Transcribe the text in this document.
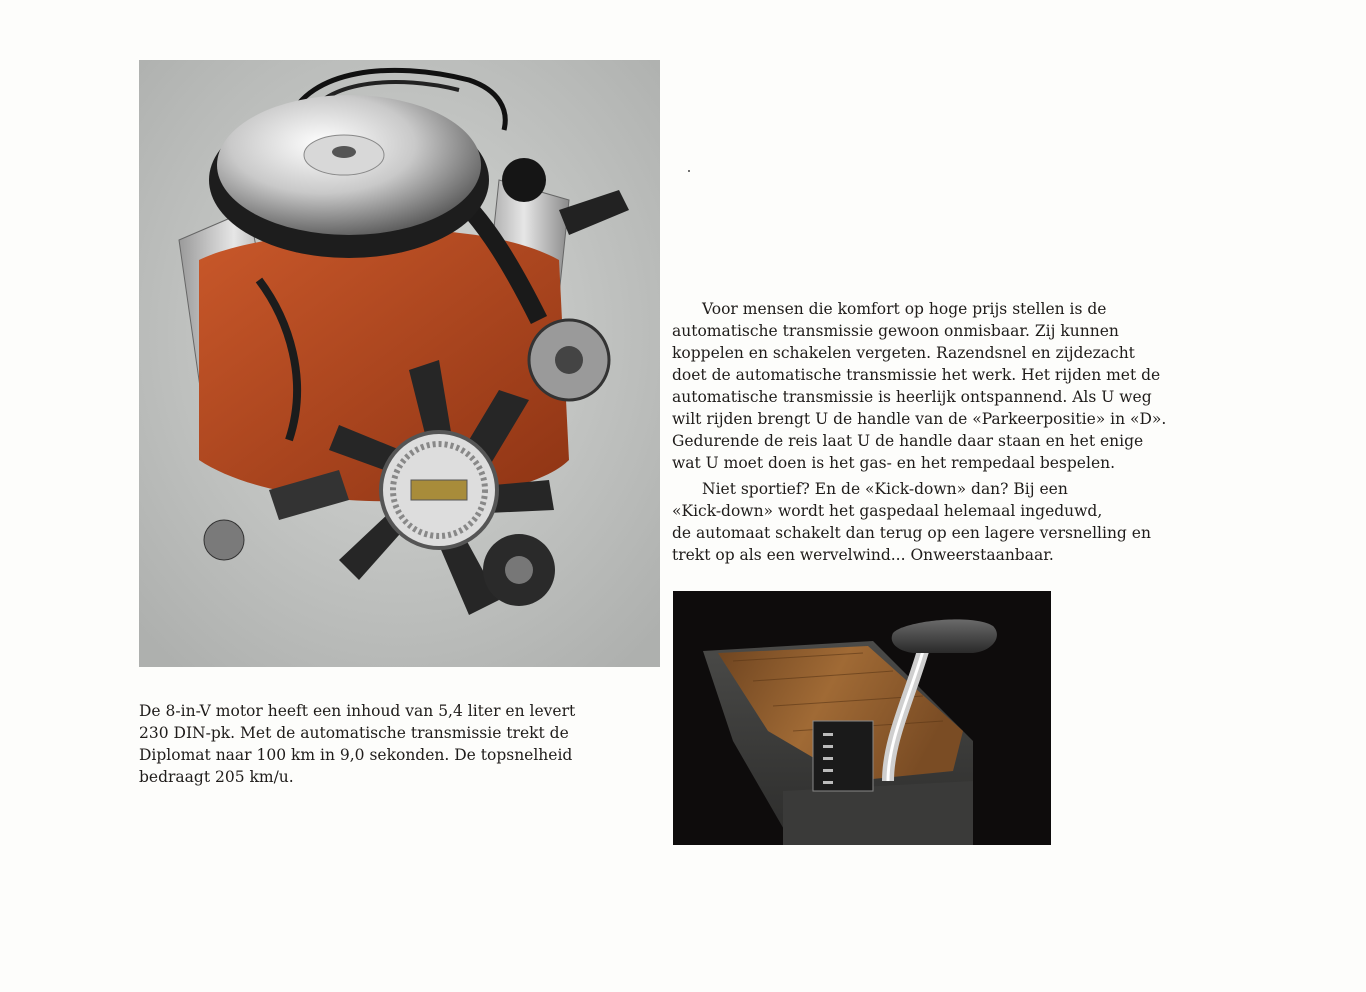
De 8-in-V motor heeft een inhoud van 5,4 liter en levert
230 DIN-pk. Met de automatische transmissie trekt de
Diplomat naar 100 km in 9,0 sekonden. De topsnelheid
bedraagt 205 km/u.

Voor mensen die komfort op hoge prijs stellen is de
automatische transmissie gewoon onmisbaar. Zij kunnen
koppelen en schakelen vergeten. Razendsnel en zijdezacht
doet de automatische transmissie het werk. Het rijden met de
automatische transmissie is heerlijk ontspannend. Als U weg
wilt rijden brengt U de handle van de «Parkeerpositie» in «D».
Gedurende de reis laat U de handle daar staan en het enige
wat U moet doen is het gas- en het rempedaal bespelen.

Niet sportief? En de «Kick-down» dan? Bij een
«Kick-down» wordt het gaspedaal helemaal ingeduwd,
de automaat schakelt dan terug op een lagere versnelling en
trekt op als een wervelwind... Onweerstaanbaar.
